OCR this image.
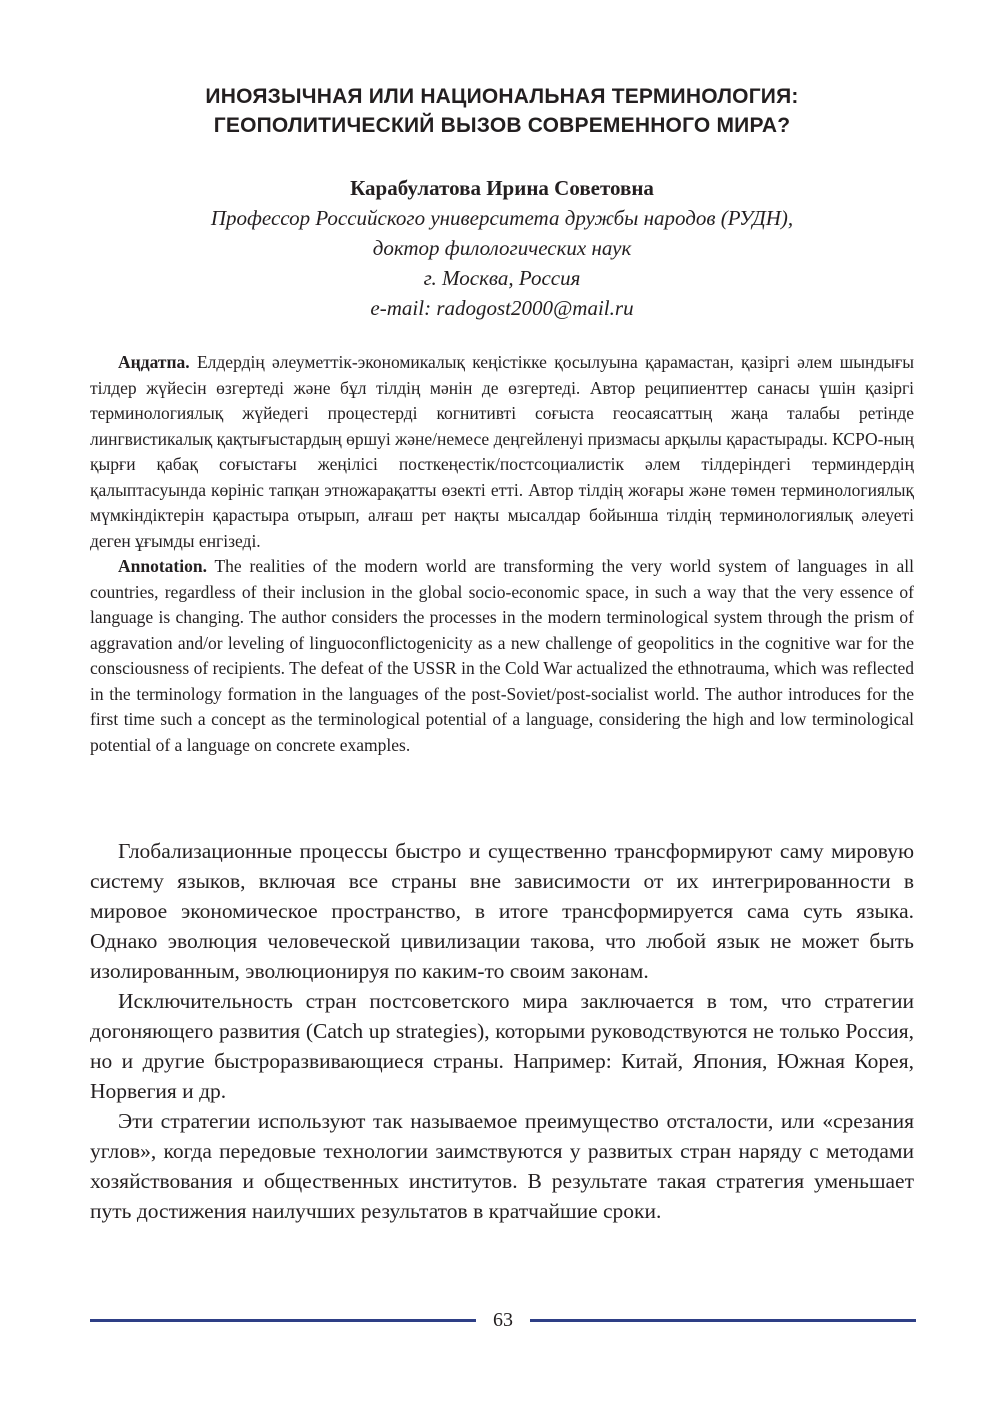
ИНОЯЗЫЧНАЯ ИЛИ НАЦИОНАЛЬНАЯ ТЕРМИНОЛОГИЯ:
ГЕОПОЛИТИЧЕСКИЙ ВЫЗОВ СОВРЕМЕННОГО МИРА?
Карабулатова Ирина Советовна
Профессор Российского университета дружбы народов (РУДН),
доктор филологических наук
г. Москва, Россия
e-mail: radogost2000@mail.ru

Аңдатпа. Елдердің әлеуметтік-экономикалық кеңістікке қосылуына қарамастан, қазіргі әлем шындығы тілдер жүйесін өзгертеді және бұл тілдің мәнін де өзгертеді. Автор реципиенттер санасы үшін қазіргі терминологиялық жүйедегі процестерді когнитивті соғыста геосаясаттың жаңа талабы ретінде лингвистикалық қақтығыстардың өршуі және/немесе деңгейленуі призмасы арқылы қарастырады. КСРО-ның қырғи қабақ соғыстағы жеңілісі посткеңестік/постсоциалистік әлем тілдеріндегі терминдердің қалыптасуында көрініс тапқан этножарақатты өзекті етті. Автор тілдің жоғары және төмен терминологиялық мүмкіндіктерін қарастыра отырып, алғаш рет нақты мысалдар бойынша тілдің терминологиялық әлеуеті деген ұғымды енгізеді.

Annotation. The realities of the modern world are transforming the very world system of languages in all countries, regardless of their inclusion in the global socio-economic space, in such a way that the very essence of language is changing. The author considers the processes in the modern terminological system through the prism of aggravation and/or leveling of linguoconflictogenicity as a new challenge of geopolitics in the cognitive war for the consciousness of recipients. The defeat of the USSR in the Cold War actualized the ethnotrauma, which was reflected in the terminology formation in the languages of the post-Soviet/post-socialist world. The author introduces for the first time such a concept as the terminological potential of a language, considering the high and low terminological potential of a language on concrete examples.

Глобализационные процессы быстро и существенно трансформируют саму мировую систему языков, включая все страны вне зависимости от их интегрированности в мировое экономическое пространство, в итоге трансформируется сама суть языка. Однако эволюция человеческой цивилизации такова, что любой язык не может быть изолированным, эволюционируя по каким-то своим законам.

Исключительность стран постсоветского мира заключается в том, что стратегии догоняющего развития (Catch up strategies), которыми руководствуются не только Россия, но и другие быстроразвивающиеся страны. Например: Китай, Япония, Южная Корея, Норвегия и др.

Эти стратегии используют так называемое преимущество отсталости, или «срезания углов», когда передовые технологии заимствуются у развитых стран наряду с методами хозяйствования и общественных институтов. В результате такая стратегия уменьшает путь достижения наилучших результатов в кратчайшие сроки.

63
